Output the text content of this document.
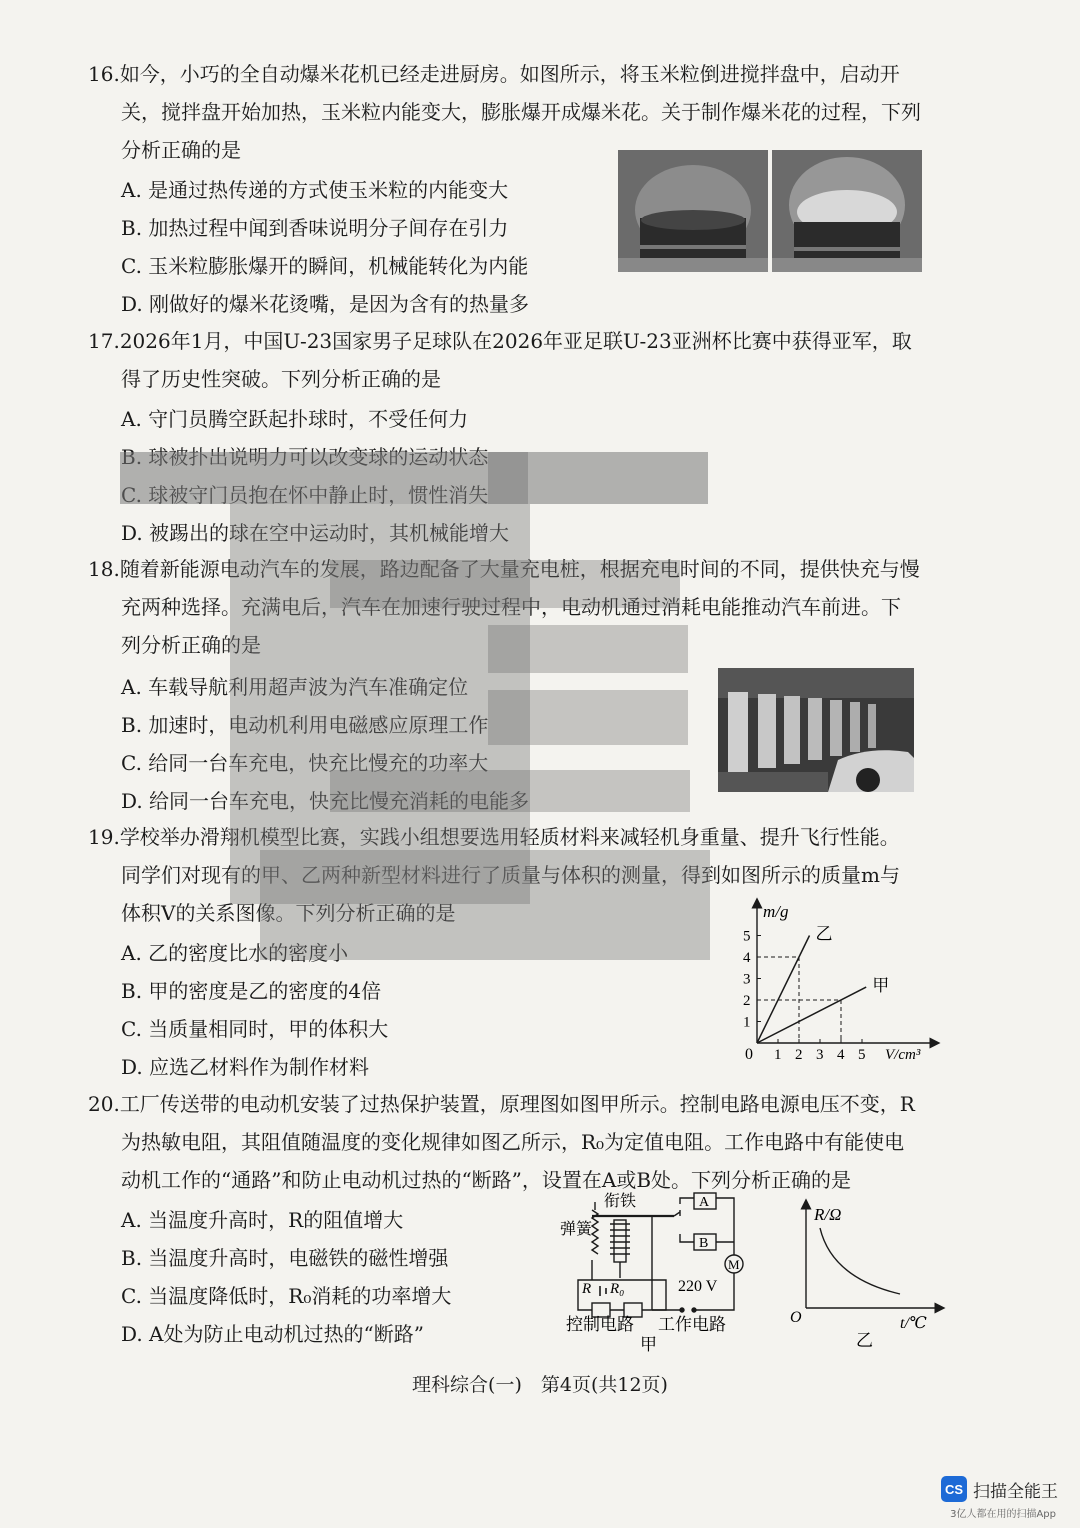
16.如今，小巧的全自动爆米花机已经走进厨房。如图所示，将玉米粒倒进搅拌盘中，启动开
关，搅拌盘开始加热，玉米粒内能变大，膨胀爆开成爆米花。关于制作爆米花的过程，下列
分析正确的是
A. 是通过热传递的方式使玉米粒的内能变大
B. 加热过程中闻到香味说明分子间存在引力
C. 玉米粒膨胀爆开的瞬间，机械能转化为内能
D. 刚做好的爆米花烫嘴，是因为含有的热量多
17.2026年1月，中国U-23国家男子足球队在2026年亚足联U-23亚洲杯比赛中获得亚军，取
得了历史性突破。下列分析正确的是
A. 守门员腾空跃起扑球时，不受任何力
D. 被踢出的球在空中运动时，其机械能增大
18.随着新能源电动汽车的发展，路边配备了大量充电桩，根据充电时间的不同，提供快充与慢
充两种选择。充满电后，汽车在加速行驶过程中，电动机通过消耗电能推动汽车前进。下
列分析正确的是
A. 车载导航利用超声波为汽车准确定位
B. 加速时，电动机利用电磁感应原理工作
C. 给同一台车充电，快充比慢充的功率大
D. 给同一台车充电，快充比慢充消耗的电能多
19.学校举办滑翔机模型比赛，实践小组想要选用轻质材料来减轻机身重量、提升飞行性能。
同学们对现有的甲、乙两种新型材料进行了质量与体积的测量，得到如图所示的质量m与
体积V的关系图像。下列分析正确的是
A. 乙的密度比水的密度小
B. 甲的密度是乙的密度的4倍
C. 当质量相同时，甲的体积大
D. 应选乙材料作为制作材料	1 2 3 4 5
1
2
3
4
5	乙
甲
m/g
V/cm³
0
20.工厂传送带的电动机安装了过热保护装置，原理图如图甲所示。控制电路电源电压不变，R
为热敏电阻，其阻值随温度的变化规律如图乙所示，R₀为定值电阻。工作电路中有能使电
动机工作的“通路”和防止电动机过热的“断路”，设置在A或B处。下列分析正确的是
A. 当温度升高时，R的阻值增大
B. 当温度升高时，电磁铁的磁性增强
C. 当温度降低时，R₀消耗的功率增大
D. A处为防止电动机过热的“断路”
衔铁
弹簧
R R₀
A
B
M
220 V
控制电路 工作电路
甲
R/Ω
t/℃
O
乙
理科综合(一)　第4页(共12页)
CS 扫描全能王
3亿人都在用的扫描App
